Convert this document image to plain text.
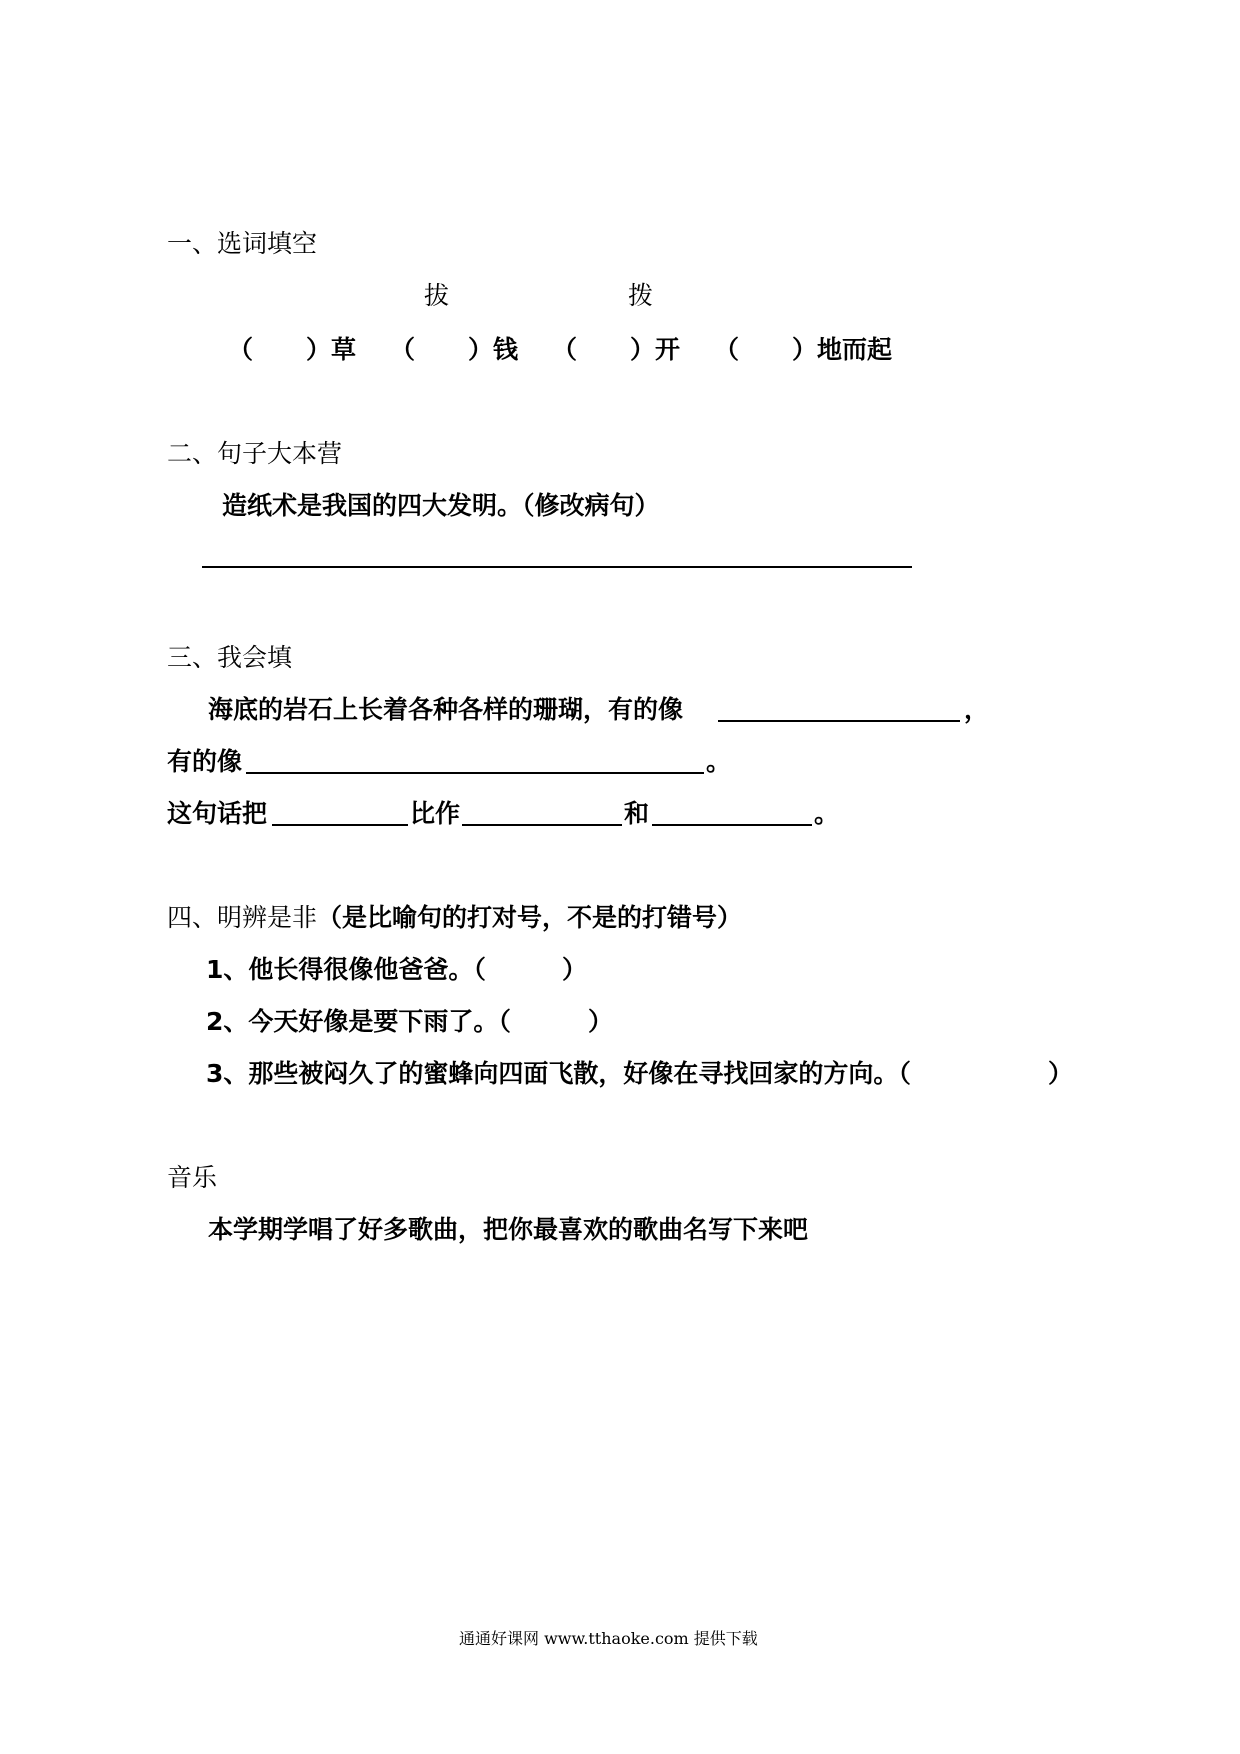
一、选词填空
拔	拨
（ ）草 （ ）钱 （ ）开 （ ）地而起
二、句子大本营
造纸术是我国的四大发明。（修改病句）
三、我会填
海底的岩石上长着各种各样的珊瑚，有的像	，
有的像	。
这句话把	比作	和	。
四、明辨是非（是比喻句的打对号，不是的打错号）
1、他长得很像他爸爸。（	）
2、今天好像是要下雨了。（	）
3、那些被闷久了的蜜蜂向四面飞散，好像在寻找回家的方向。（	）
音乐
本学期学唱了好多歌曲，把你最喜欢的歌曲名写下来吧
通通好课网 www.tthaoke.com 提供下载
